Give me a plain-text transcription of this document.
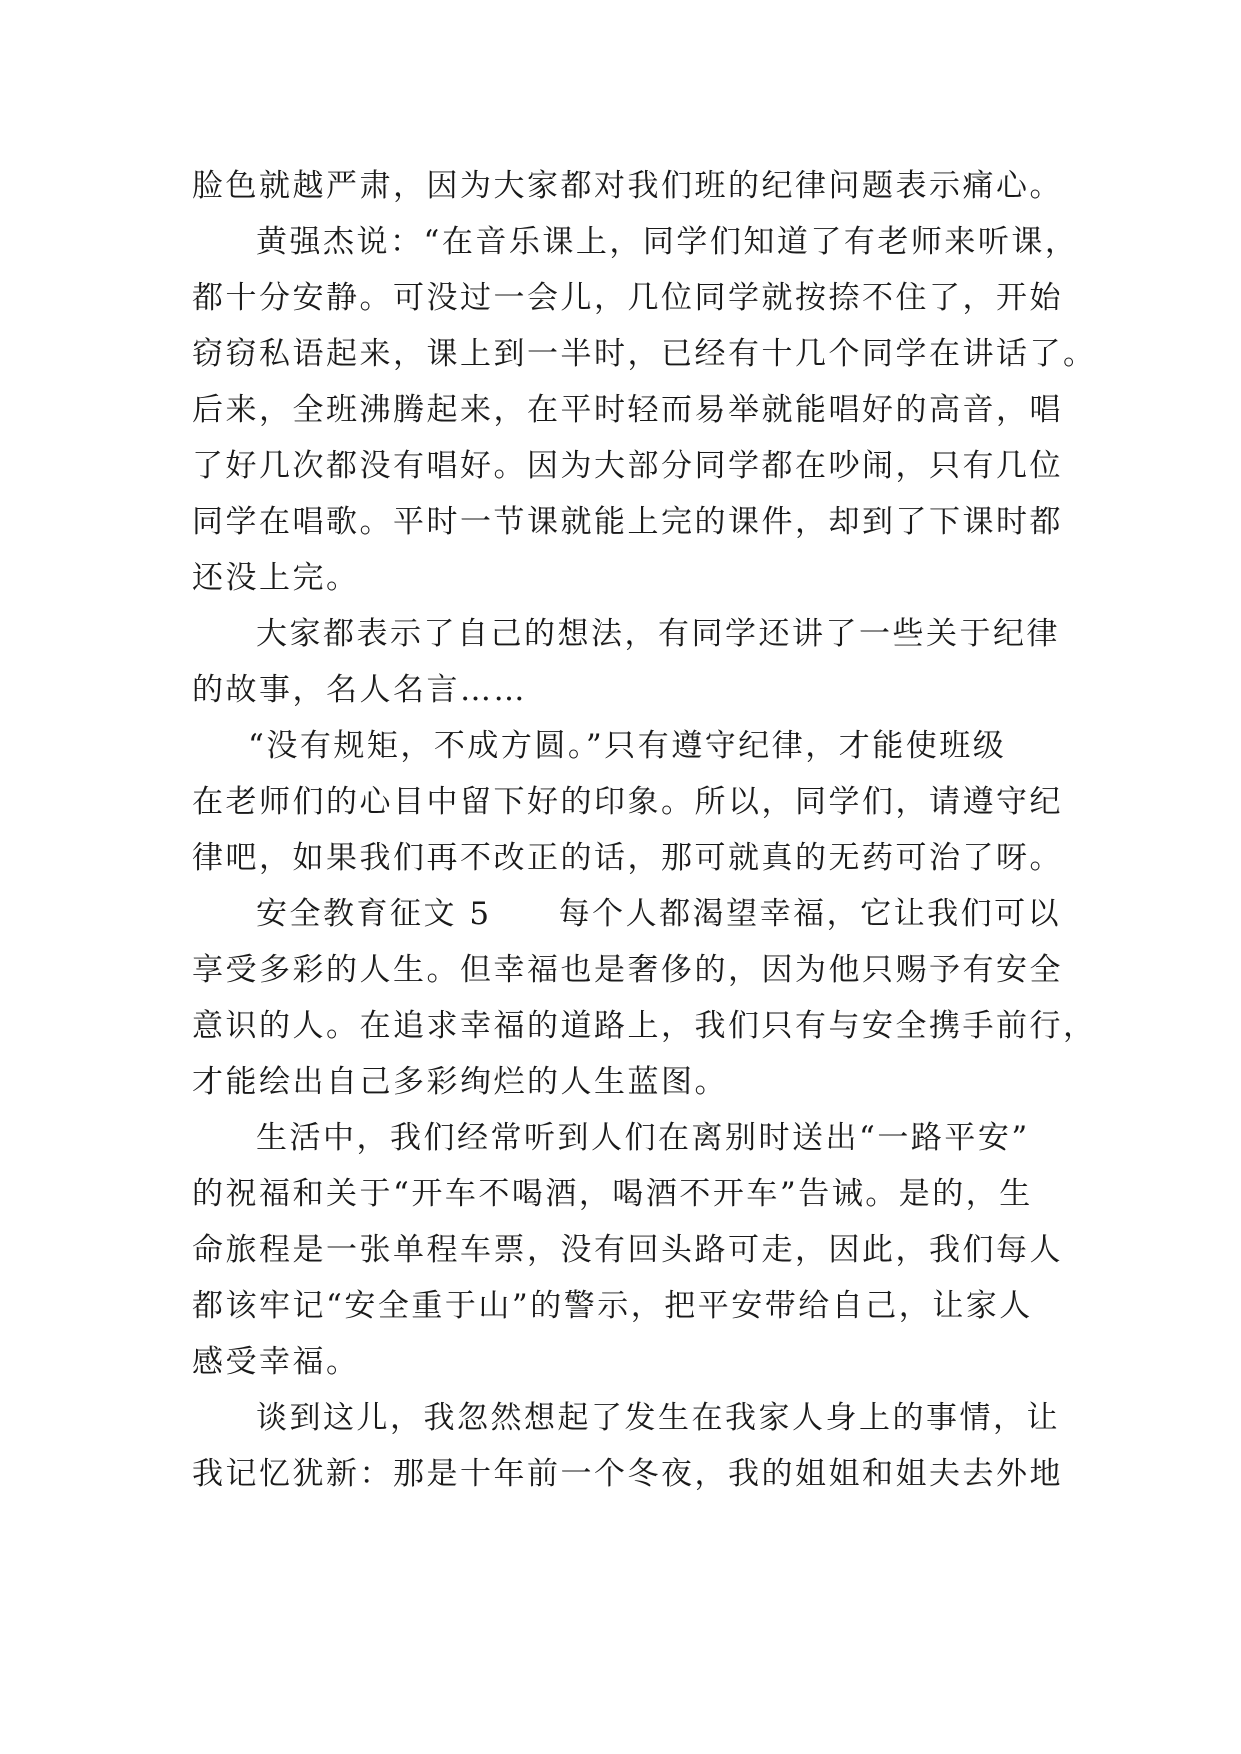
脸色就越严肃，因为大家都对我们班的纪律问题表示痛心。
黄强杰说：“在音乐课上，同学们知道了有老师来听课，
都十分安静。可没过一会儿，几位同学就按捺不住了，开始
窃窃私语起来，课上到一半时，已经有十几个同学在讲话了。
后来，全班沸腾起来，在平时轻而易举就能唱好的高音，唱
了好几次都没有唱好。因为大部分同学都在吵闹，只有几位
同学在唱歌。平时一节课就能上完的课件，却到了下课时都
还没上完。
大家都表示了自己的想法，有同学还讲了一些关于纪律
的故事，名人名言……
“没有规矩，不成方圆。”只有遵守纪律，才能使班级
在老师们的心目中留下好的印象。所以，同学们，请遵守纪
律吧，如果我们再不改正的话，那可就真的无药可治了呀。
安全教育征文 5　　每个人都渴望幸福，它让我们可以
享受多彩的人生。但幸福也是奢侈的，因为他只赐予有安全
意识的人。在追求幸福的道路上，我们只有与安全携手前行，
才能绘出自己多彩绚烂的人生蓝图。
生活中，我们经常听到人们在离别时送出“一路平安”
的祝福和关于“开车不喝酒，喝酒不开车”告诫。是的，生
命旅程是一张单程车票，没有回头路可走，因此，我们每人
都该牢记“安全重于山”的警示，把平安带给自己，让家人
感受幸福。
谈到这儿，我忽然想起了发生在我家人身上的事情，让
我记忆犹新：那是十年前一个冬夜，我的姐姐和姐夫去外地
